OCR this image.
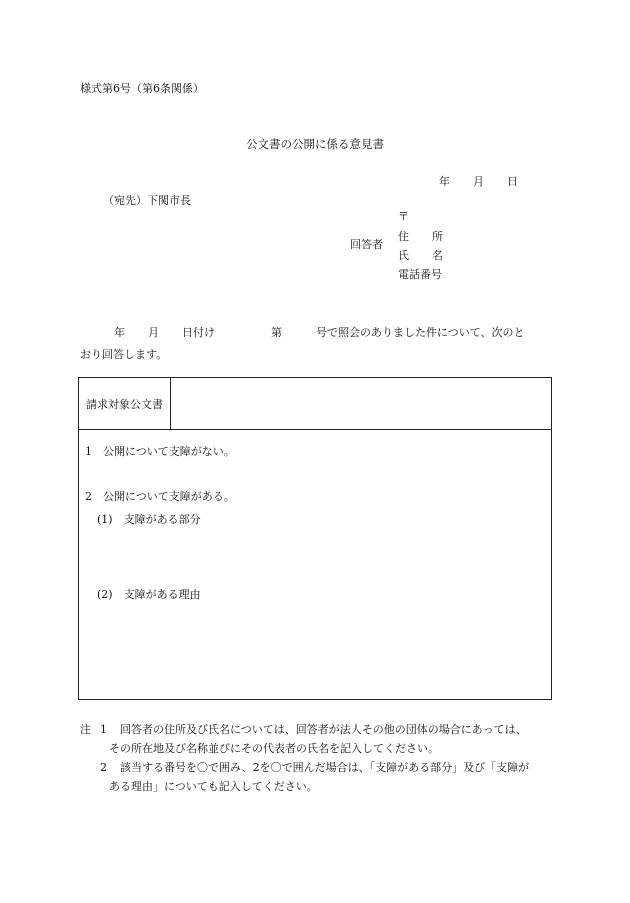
様式第6号（第6条関係）
公文書の公開に係る意見書
年 月 日
（宛先）下関市長
回答者
〒
住 所
氏 名
電話番号
年 月 日付け	第	号で照会のありました件について、次のと
おり回答します。
請求対象公文書
1　公開について支障がない。
2　公開について支障がある。
(1)　支障がある部分
(2)　支障がある理由
注 1 回答者の住所及び氏名については、回答者が法人その他の団体の場合にあっては、
その所在地及び名称並びにその代表者の氏名を記入してください。
2 該当する番号を〇で囲み、2を〇で囲んだ場合は、「支障がある部分」及び「支障が
ある理由」についても記入してください。
